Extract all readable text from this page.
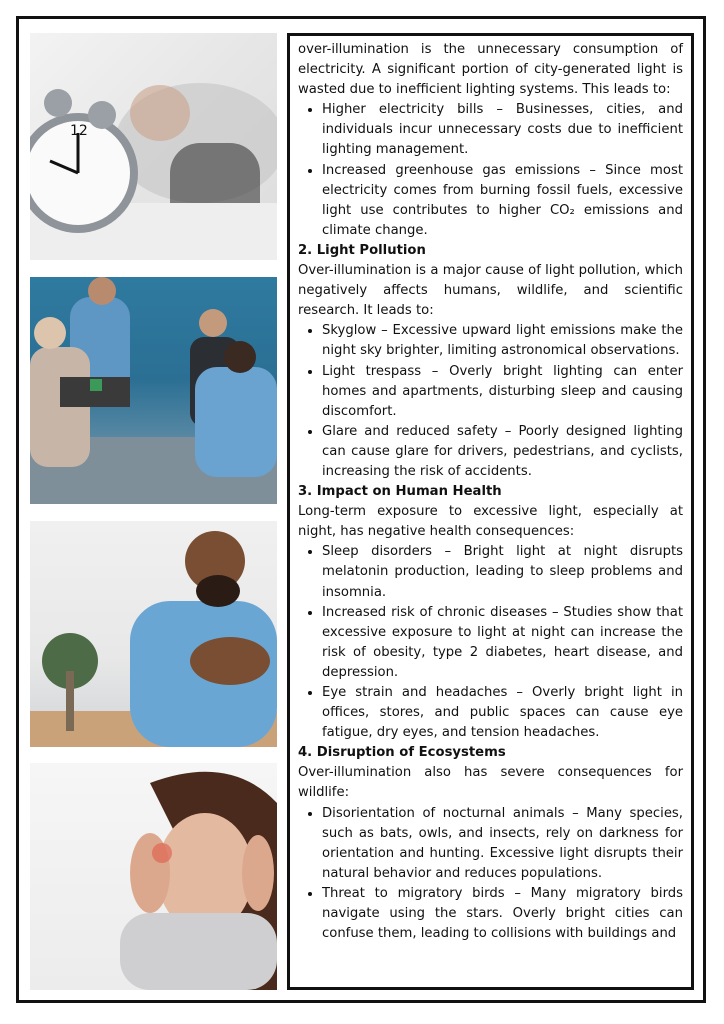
12

over-illumination is the unnecessary consumption of electricity. A significant portion of city-generated light is wasted due to inefficient lighting systems. This leads to:

• Higher electricity bills – Businesses, cities, and individuals incur unnecessary costs due to inefficient lighting management.
• Increased greenhouse gas emissions – Since most electricity comes from burning fossil fuels, excessive light use contributes to higher CO₂ emissions and climate change.
2. Light Pollution

Over-illumination is a major cause of light pollution, which negatively affects humans, wildlife, and scientific research. It leads to:

• Skyglow – Excessive upward light emissions make the night sky brighter, limiting astronomical observations.
• Light trespass – Overly bright lighting can enter homes and apartments, disturbing sleep and causing discomfort.
• Glare and reduced safety – Poorly designed lighting can cause glare for drivers, pedestrians, and cyclists, increasing the risk of accidents.
3. Impact on Human Health

Long-term exposure to excessive light, especially at night, has negative health consequences:

• Sleep disorders – Bright light at night disrupts melatonin production, leading to sleep problems and insomnia.
• Increased risk of chronic diseases – Studies show that excessive exposure to light at night can increase the risk of obesity, type 2 diabetes, heart disease, and depression.
• Eye strain and headaches – Overly bright light in offices, stores, and public spaces can cause eye fatigue, dry eyes, and tension headaches.
4. Disruption of Ecosystems

Over-illumination also has severe consequences for wildlife:

• Disorientation of nocturnal animals – Many species, such as bats, owls, and insects, rely on darkness for orientation and hunting. Excessive light disrupts their natural behavior and reduces populations.
• Threat to migratory birds – Many migratory birds navigate using the stars. Overly bright cities can confuse them, leading to collisions with buildings and
